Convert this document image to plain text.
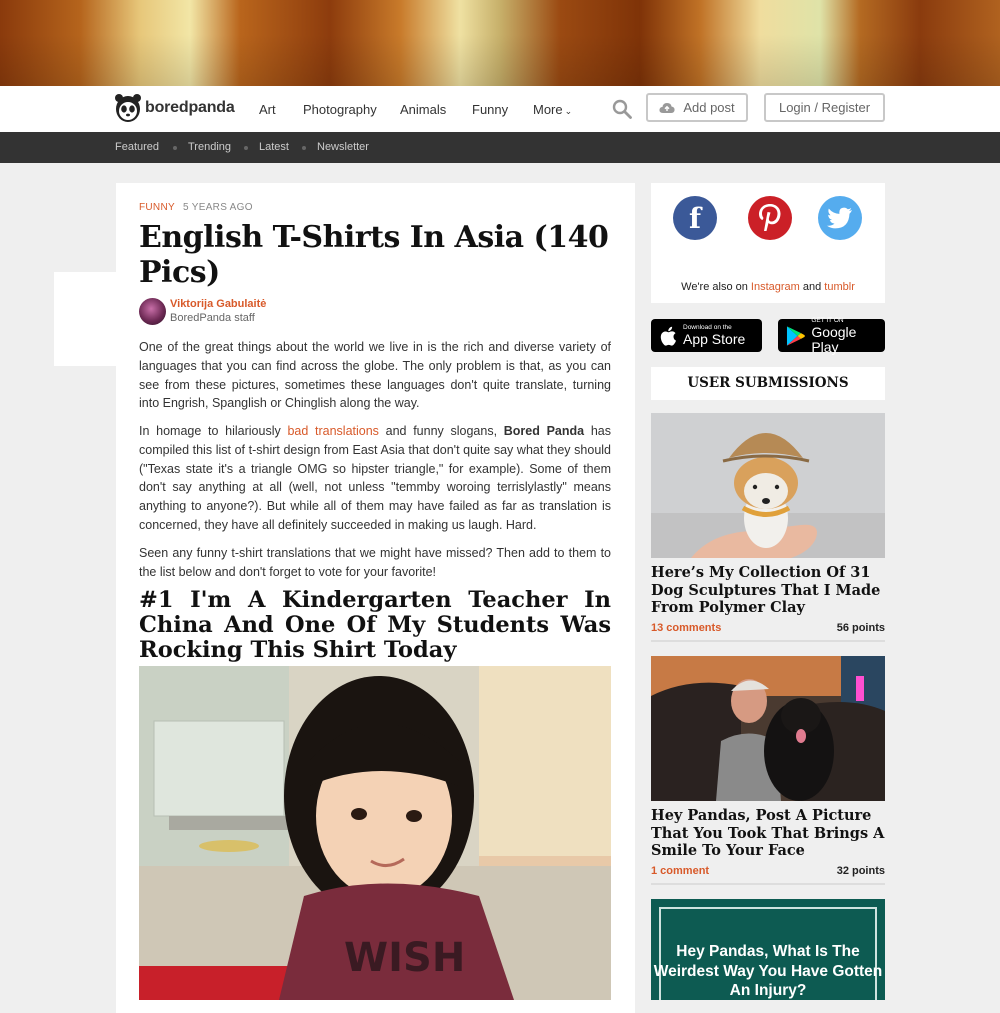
boredpanda Art Photography Animals Funny More ⌄	Add post	Login / Register
Featured	Trending	Latest	Newsletter
FUNNY 5 YEARS AGO
English T-Shirts In Asia (140 Pics)
Viktorija Gabulaitė
BoredPanda staff

One of the great things about the world we live in is the rich and diverse variety of languages that you can find across the globe. The only problem is that, as you can see from these pictures, sometimes these languages don't quite translate, turning into Engrish, Spanglish or Chinglish along the way.

In homage to hilariously bad translations and funny slogans, Bored Panda has compiled this list of t-shirt design from East Asia that don't quite say what they should ("Texas state it's a triangle OMG so hipster triangle," for example). Some of them don't say anything at all (well, not unless "temmby woroing terrislylastly" means anything to anyone?). But while all of them may have failed as far as translation is concerned, they have all definitely succeeded in making us laugh. Hard.

Seen any funny t-shirt translations that we might have missed? Then add to them to the list below and don't forget to vote for your favorite!

#1 I'm A Kindergarten Teacher In China And One Of My Students Was Rocking This Shirt Today
WISH
f
We're also on Instagram and tumblr
Download on the
App Store
GET IT ON
Google Play
USER SUBMISSIONS
Here’s My Collection Of 31 Dog Sculptures That I Made From Polymer Clay
13 comments	56 points
Hey Pandas, Post A Picture That You Took That Brings A Smile To Your Face
1 comment	32 points
Hey Pandas, What Is The Weirdest Way You Have Gotten An Injury?
